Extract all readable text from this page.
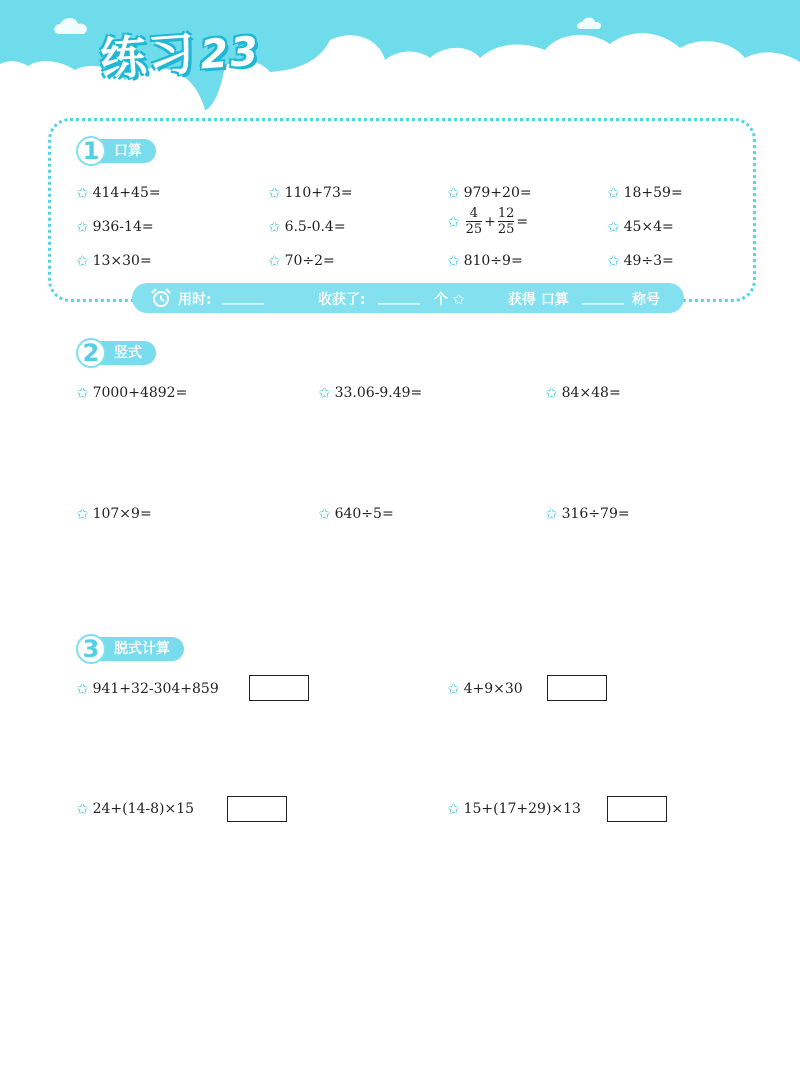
练习23
1	口算
✩ 414+45=	✩ 110+73=	✩ 979+20=	✩ 18+59=
✩ 936-14=	✩ 6.5-0.4=	✩ $\frac{4}{25} + \frac{12}{25}$ =	✩ 45×4=
✩ 13×30=	✩ 70÷2=	✩ 810÷9=	✩ 49÷3=
用时: ______	收获了: ______ 个 ✩	获得 口算 ______ 称号
2	竖式
✩ 7000+4892=	✩ 33.06-9.49=	✩ 84×48=
✩ 107×9=	✩ 640÷5=	✩ 316÷79=
3	脱式计算
✩ 941+32-304+859	✩ 4+9×30
✩ 24+(14-8)×15	✩ 15+(17+29)×13
